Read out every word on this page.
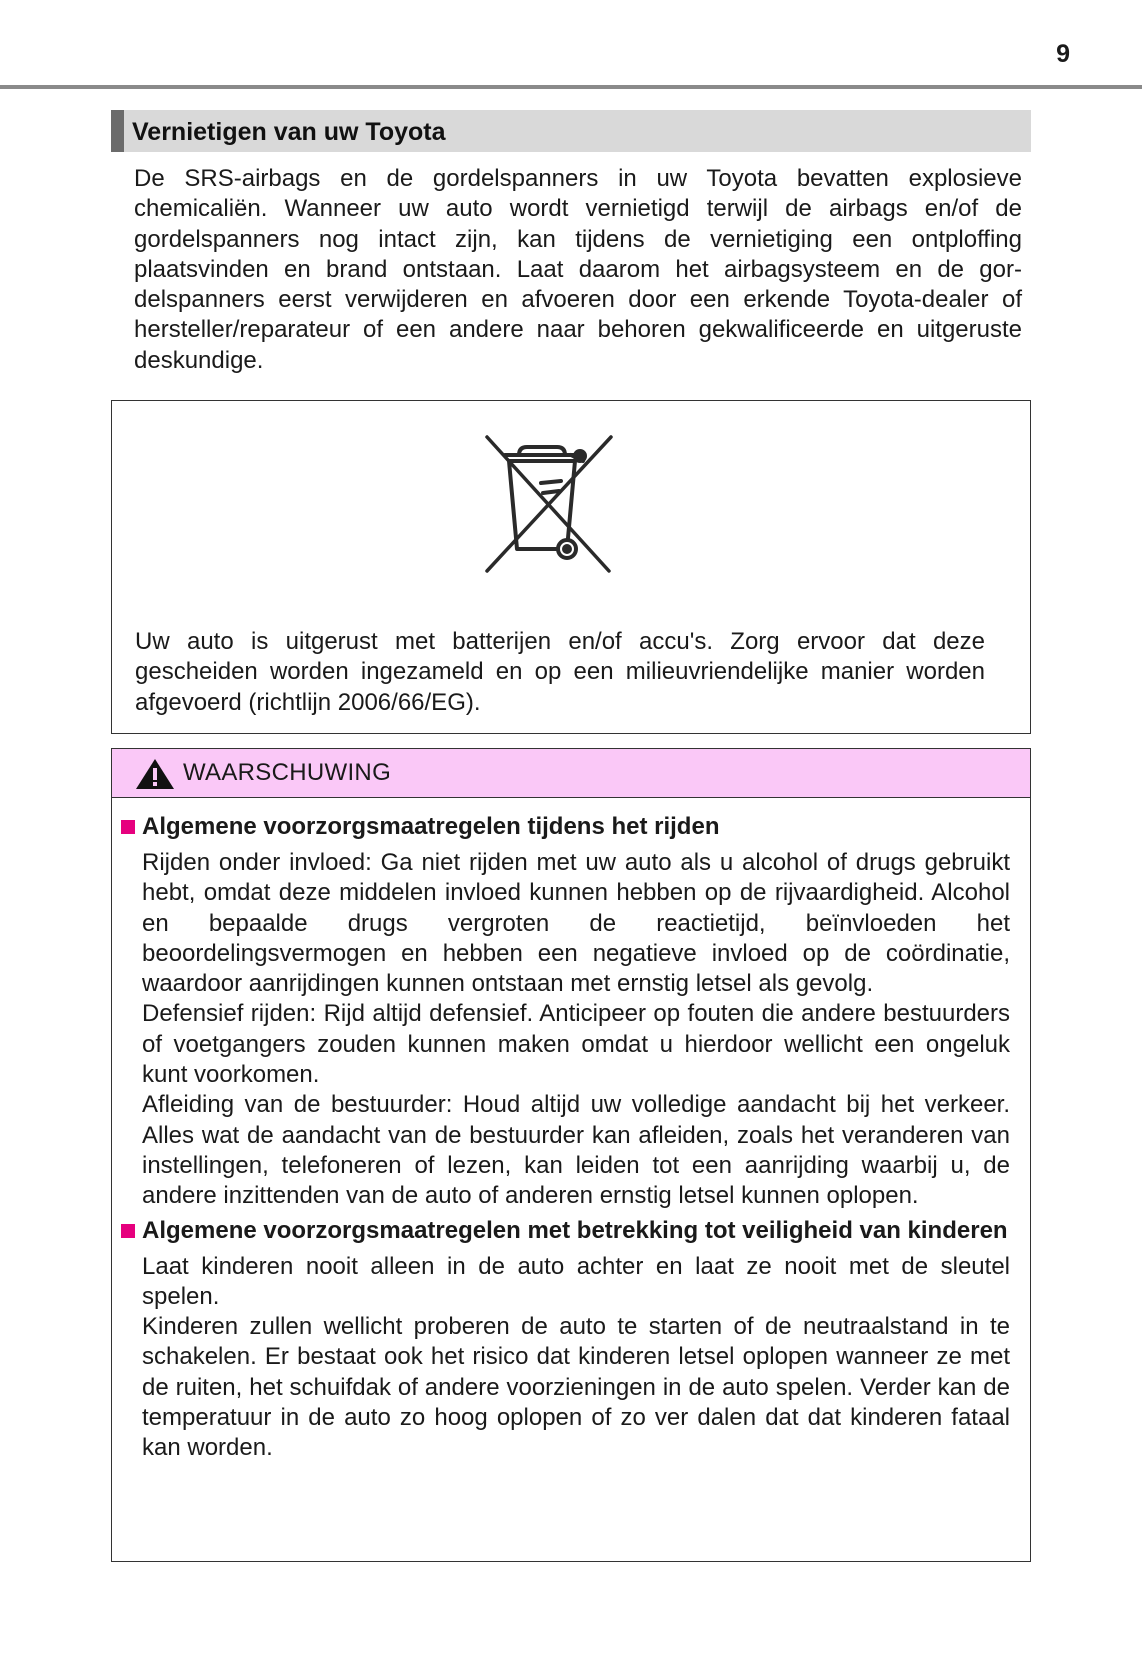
9
Vernietigen van uw Toyota

De SRS-airbags en de gordelspanners in uw Toyota bevatten explosieve chemicaliën. Wanneer uw auto wordt vernietigd terwijl de airbags en/of de gordelspanners nog intact zijn, kan tijdens de vernietiging een ontploffing plaatsvinden en brand ontstaan. Laat daarom het airbagsysteem en de gordelspanners eerst verwijderen en afvoeren door een erkende Toyota-dealer of hersteller/reparateur of een andere naar behoren gekwalificeerde en uitgeruste deskundige.

Uw auto is uitgerust met batterijen en/of accu's. Zorg ervoor dat deze gescheiden worden ingezameld en op een milieuvriendelijke manier worden afgevoerd (richtlijn 2006/66/EG).

WAARSCHUWING
Algemene voorzorgsmaatregelen tijdens het rijden

Rijden onder invloed: Ga niet rijden met uw auto als u alcohol of drugs gebruikt hebt, omdat deze middelen invloed kunnen hebben op de rijvaardigheid. Alcohol en bepaalde drugs vergroten de reactietijd, beïnvloeden het beoordelingsvermogen en hebben een negatieve invloed op de coördinatie, waardoor aanrijdingen kunnen ontstaan met ernstig letsel als gevolg.

Defensief rijden: Rijd altijd defensief. Anticipeer op fouten die andere bestuurders of voetgangers zouden kunnen maken omdat u hierdoor wellicht een ongeluk kunt voorkomen.

Afleiding van de bestuurder: Houd altijd uw volledige aandacht bij het verkeer. Alles wat de aandacht van de bestuurder kan afleiden, zoals het veranderen van instellingen, telefoneren of lezen, kan leiden tot een aanrijding waarbij u, de andere inzittenden van de auto of anderen ernstig letsel kunnen oplopen.

Algemene voorzorgsmaatregelen met betrekking tot veiligheid van kinderen

Laat kinderen nooit alleen in de auto achter en laat ze nooit met de sleutel spelen.

Kinderen zullen wellicht proberen de auto te starten of de neutraalstand in te schakelen. Er bestaat ook het risico dat kinderen letsel oplopen wanneer ze met de ruiten, het schuifdak of andere voorzieningen in de auto spelen. Verder kan de temperatuur in de auto zo hoog oplopen of zo ver dalen dat dat kinderen fataal kan worden.
